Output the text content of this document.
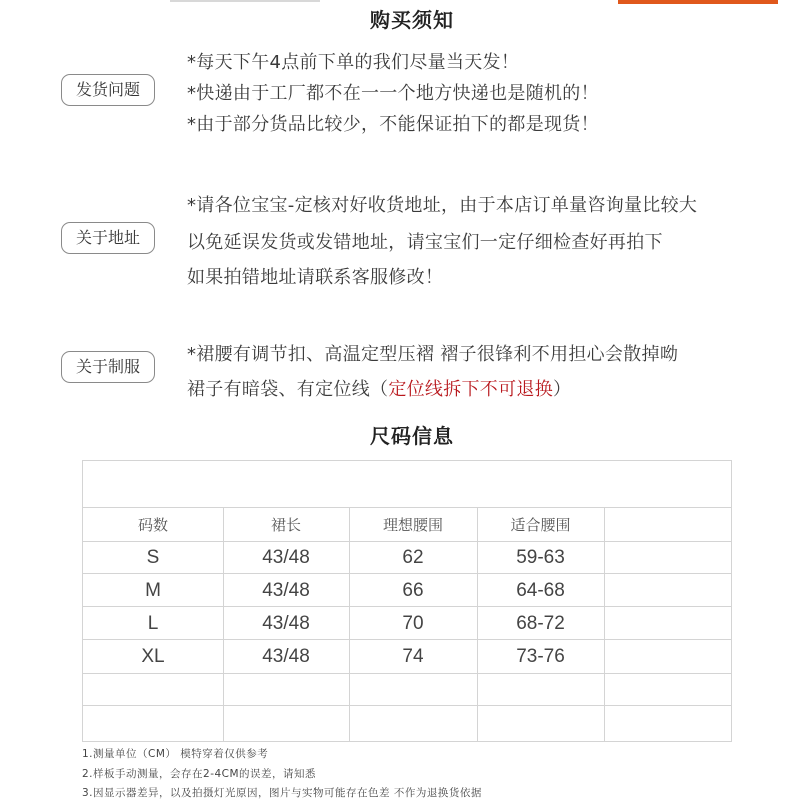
购买须知
发货问题
*每天下午4点前下单的我们尽量当天发！
*快递由于工厂都不在一一个地方快递也是随机的！
*由于部分货品比较少，不能保证拍下的都是现货！
关于地址
*请各位宝宝-定核对好收货地址，由于本店订单量咨询量比较大
以免延误发货或发错地址，请宝宝们一定仔细检查好再拍下
如果拍错地址请联系客服修改！
关于制服
*裙腰有调节扣、高温定型压褶 褶子很锋利不用担心会散掉呦
裙子有暗袋、有定位线（定位线拆下不可退换）
尺码信息
码数	裙长	理想腰围	适合腰围
S	43/48	62	59-63
M	43/48	66	64-68
L	43/48	70	68-72
XL	43/48	74	73-76
1.测量单位（CM） 模特穿着仅供参考
2.样板手动测量，会存在2-4CM的误差，请知悉
3.因显示器差异，以及拍摄灯光原因，图片与实物可能存在色差 不作为退换货依据
